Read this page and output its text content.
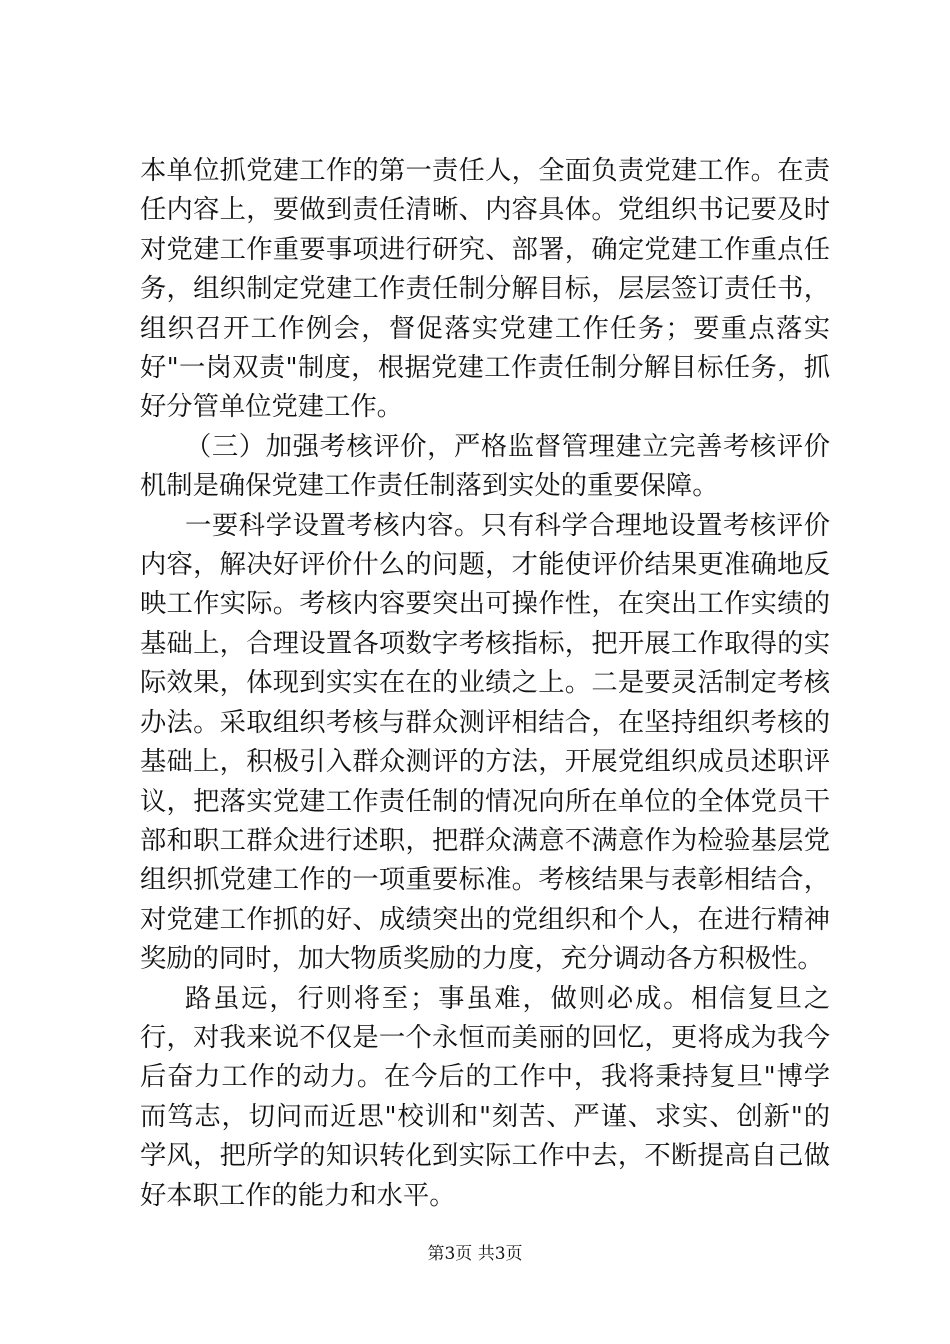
本单位抓党建工作的第一责任人，全面负责党建工作。在责任内容上，要做到责任清晰、内容具体。党组织书记要及时对党建工作重要事项进行研究、部署，确定党建工作重点任务，组织制定党建工作责任制分解目标，层层签订责任书，组织召开工作例会，督促落实党建工作任务；要重点落实好"一岗双责"制度，根据党建工作责任制分解目标任务，抓好分管单位党建工作。

（三）加强考核评价，严格监督管理建立完善考核评价机制是确保党建工作责任制落到实处的重要保障。

一要科学设置考核内容。只有科学合理地设置考核评价内容，解决好评价什么的问题，才能使评价结果更准确地反映工作实际。考核内容要突出可操作性，在突出工作实绩的基础上，合理设置各项数字考核指标，把开展工作取得的实际效果，体现到实实在在的业绩之上。二是要灵活制定考核办法。采取组织考核与群众测评相结合，在坚持组织考核的基础上，积极引入群众测评的方法，开展党组织成员述职评议，把落实党建工作责任制的情况向所在单位的全体党员干部和职工群众进行述职，把群众满意不满意作为检验基层党组织抓党建工作的一项重要标准。考核结果与表彰相结合，对党建工作抓的好、成绩突出的党组织和个人，在进行精神奖励的同时，加大物质奖励的力度，充分调动各方积极性。

路虽远，行则将至；事虽难，做则必成。相信复旦之行，对我来说不仅是一个永恒而美丽的回忆，更将成为我今后奋力工作的动力。在今后的工作中，我将秉持复旦"博学而笃志，切问而近思"校训和"刻苦、严谨、求实、创新"的学风，把所学的知识转化到实际工作中去，不断提高自己做好本职工作的能力和水平。

第3页 共3页
